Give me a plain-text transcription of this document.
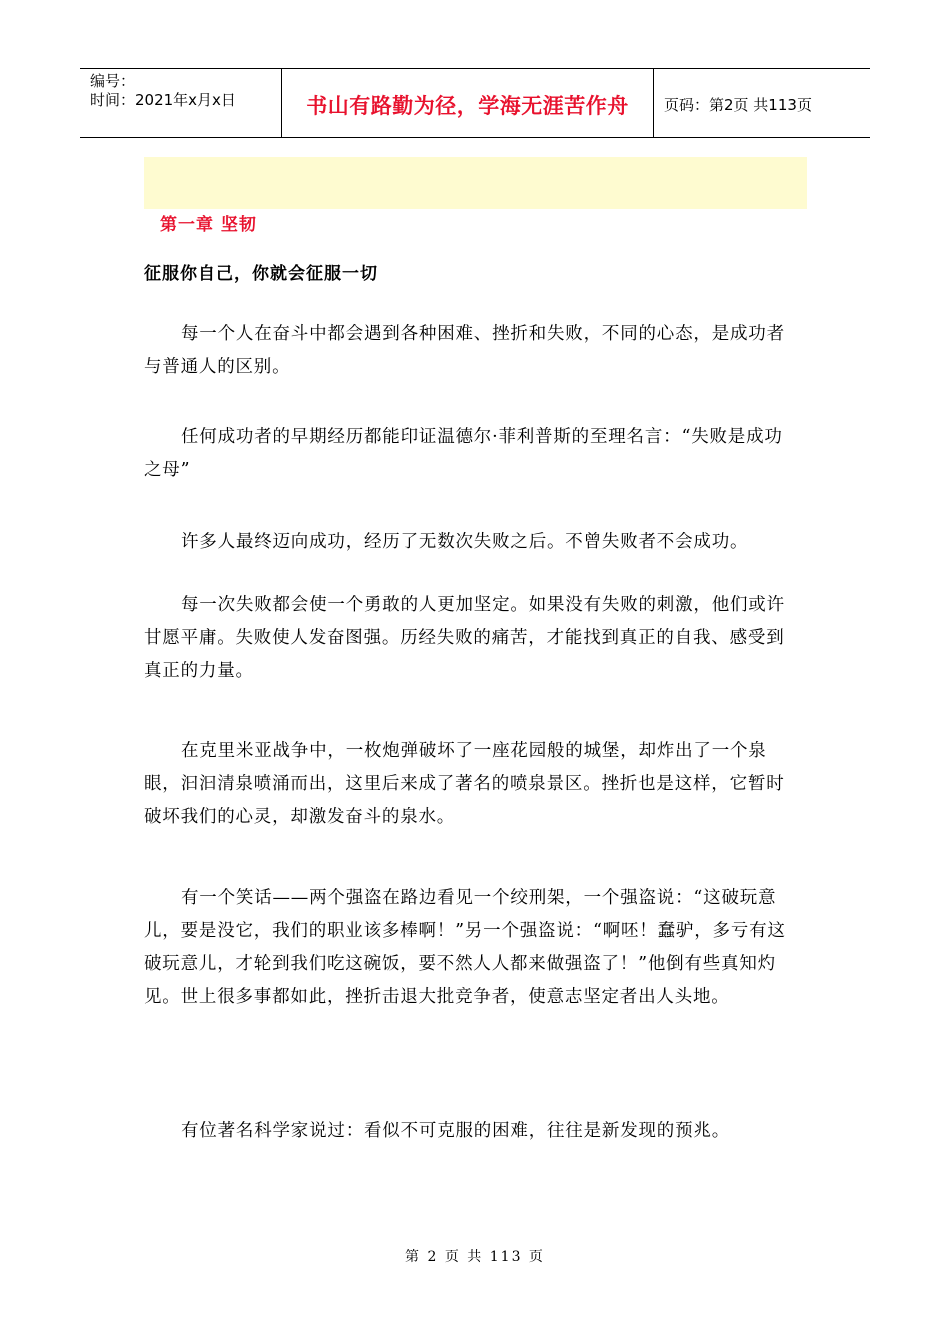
编号：
时间：2021年x月x日	书山有路勤为径，学海无涯苦作舟 页码：第2页 共113页
第一章 坚韧
征服你自己，你就会征服一切

每一个人在奋斗中都会遇到各种困难、挫折和失败，不同的心态，是成功者与普通人的区别。

任何成功者的早期经历都能印证温德尔·菲利普斯的至理名言：“失败是成功之母”

许多人最终迈向成功，经历了无数次失败之后。不曾失败者不会成功。

每一次失败都会使一个勇敢的人更加坚定。如果没有失败的刺激，他们或许甘愿平庸。失败使人发奋图强。历经失败的痛苦，才能找到真正的自我、感受到真正的力量。

在克里米亚战争中，一枚炮弹破坏了一座花园般的城堡，却炸出了一个泉眼，汩汩清泉喷涌而出，这里后来成了著名的喷泉景区。挫折也是这样，它暂时破坏我们的心灵，却激发奋斗的泉水。

有一个笑话——两个强盗在路边看见一个绞刑架，一个强盗说：“这破玩意儿，要是没它，我们的职业该多棒啊！”另一个强盗说：“啊呸！蠢驴，多亏有这破玩意儿，才轮到我们吃这碗饭，要不然人人都来做强盗了！”他倒有些真知灼见。世上很多事都如此，挫折击退大批竞争者，使意志坚定者出人头地。

有位著名科学家说过：看似不可克服的困难，往往是新发现的预兆。

第 2 页 共 113 页
